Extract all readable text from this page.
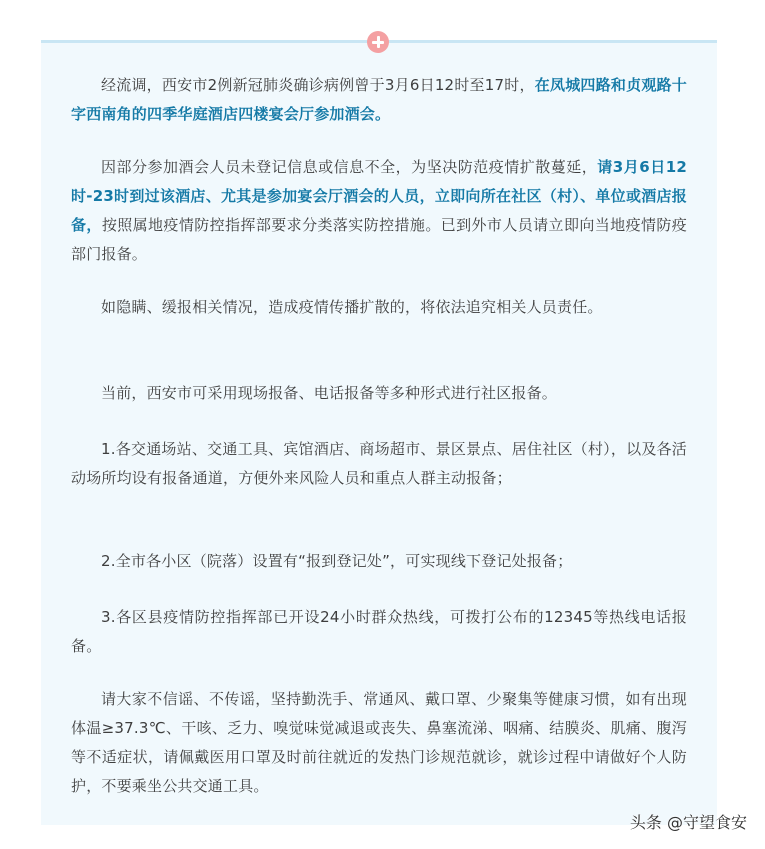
经流调，西安市2例新冠肺炎确诊病例曾于3月6日12时至17时，在凤城四路和贞观路十字西南角的四季华庭酒店四楼宴会厅参加酒会。

因部分参加酒会人员未登记信息或信息不全，为坚决防范疫情扩散蔓延，请3月6日12时-23时到过该酒店、尤其是参加宴会厅酒会的人员，立即向所在社区（村）、单位或酒店报备，按照属地疫情防控指挥部要求分类落实防控措施。已到外市人员请立即向当地疫情防疫部门报备。

如隐瞒、缓报相关情况，造成疫情传播扩散的，将依法追究相关人员责任。

当前，西安市可采用现场报备、电话报备等多种形式进行社区报备。

1.各交通场站、交通工具、宾馆酒店、商场超市、景区景点、居住社区（村），以及各活动场所均设有报备通道，方便外来风险人员和重点人群主动报备；

2.全市各小区（院落）设置有“报到登记处”，可实现线下登记处报备；

3.各区县疫情防控指挥部已开设24小时群众热线，可拨打公布的12345等热线电话报备。

请大家不信谣、不传谣，坚持勤洗手、常通风、戴口罩、少聚集等健康习惯，如有出现体温≥37.3℃、干咳、乏力、嗅觉味觉减退或丧失、鼻塞流涕、咽痛、结膜炎、肌痛、腹泻等不适症状，请佩戴医用口罩及时前往就近的发热门诊规范就诊，就诊过程中请做好个人防护，不要乘坐公共交通工具。

头条 @守望食安
